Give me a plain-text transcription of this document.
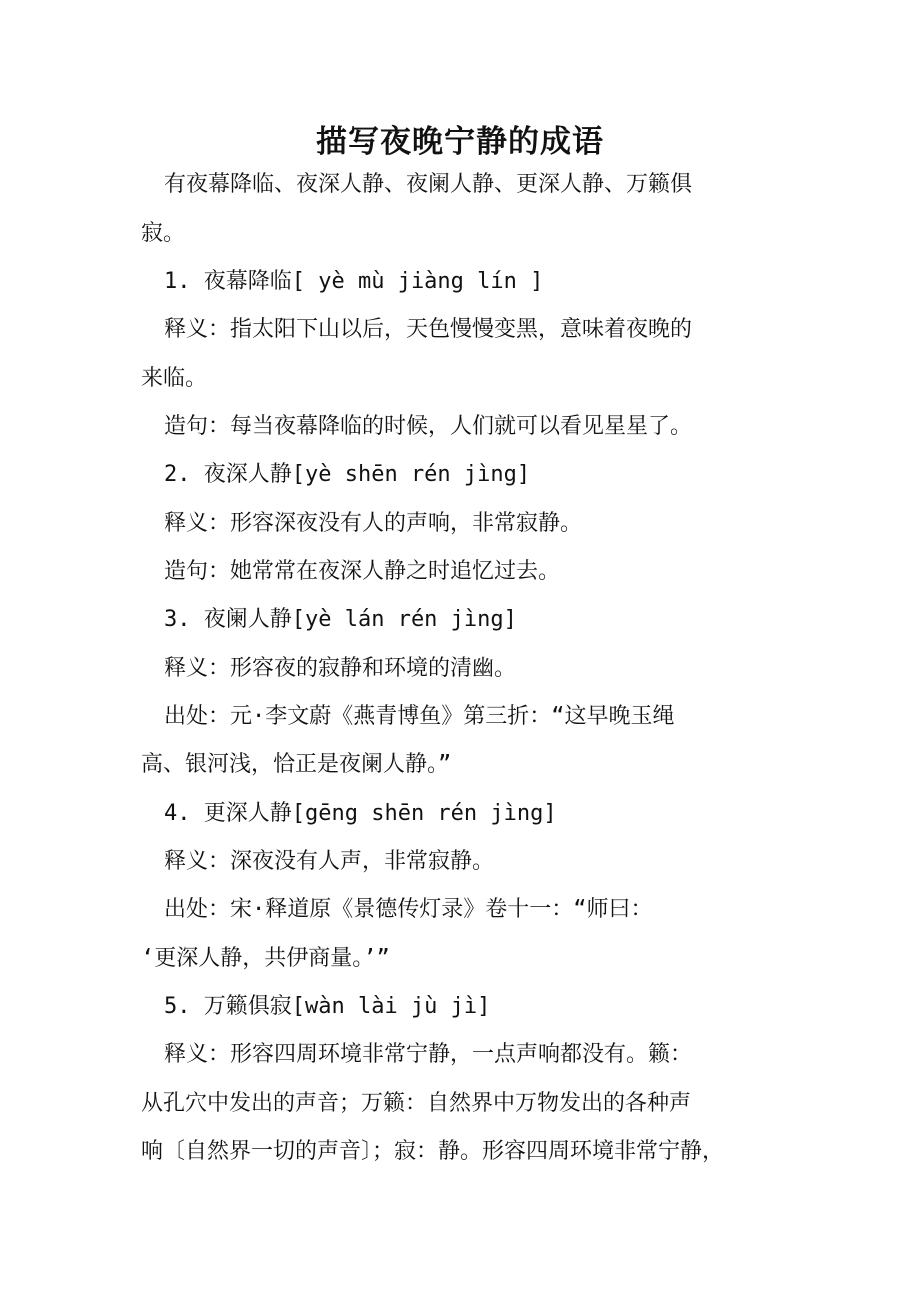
描写夜晚宁静的成语
有夜幕降临、夜深人静、夜阑人静、更深人静、万籁俱
寂。
1. 夜幕降临[ yè mù jiàng lín ]
释义：指太阳下山以后，天色慢慢变黑，意味着夜晚的
来临。
造句：每当夜幕降临的时候，人们就可以看见星星了。
2. 夜深人静[yè shēn rén jìng]
释义：形容深夜没有人的声响，非常寂静。
造句：她常常在夜深人静之时追忆过去。
3. 夜阑人静[yè lán rén jìng]
释义：形容夜的寂静和环境的清幽。
出处：元·李文蔚《燕青博鱼》第三折：“这早晚玉绳
高、银河浅，恰正是夜阑人静。”
4. 更深人静[gēng shēn rén jìng]
释义：深夜没有人声，非常寂静。
出处：宋·释道原《景德传灯录》卷十一：“师曰：
‘更深人静，共伊商量。’”
5. 万籁俱寂[wàn lài jù jì]
释义：形容四周环境非常宁静，一点声响都没有。籁：
从孔穴中发出的声音；万籁：自然界中万物发出的各种声
响〔自然界一切的声音〕；寂：静。形容四周环境非常宁静，
